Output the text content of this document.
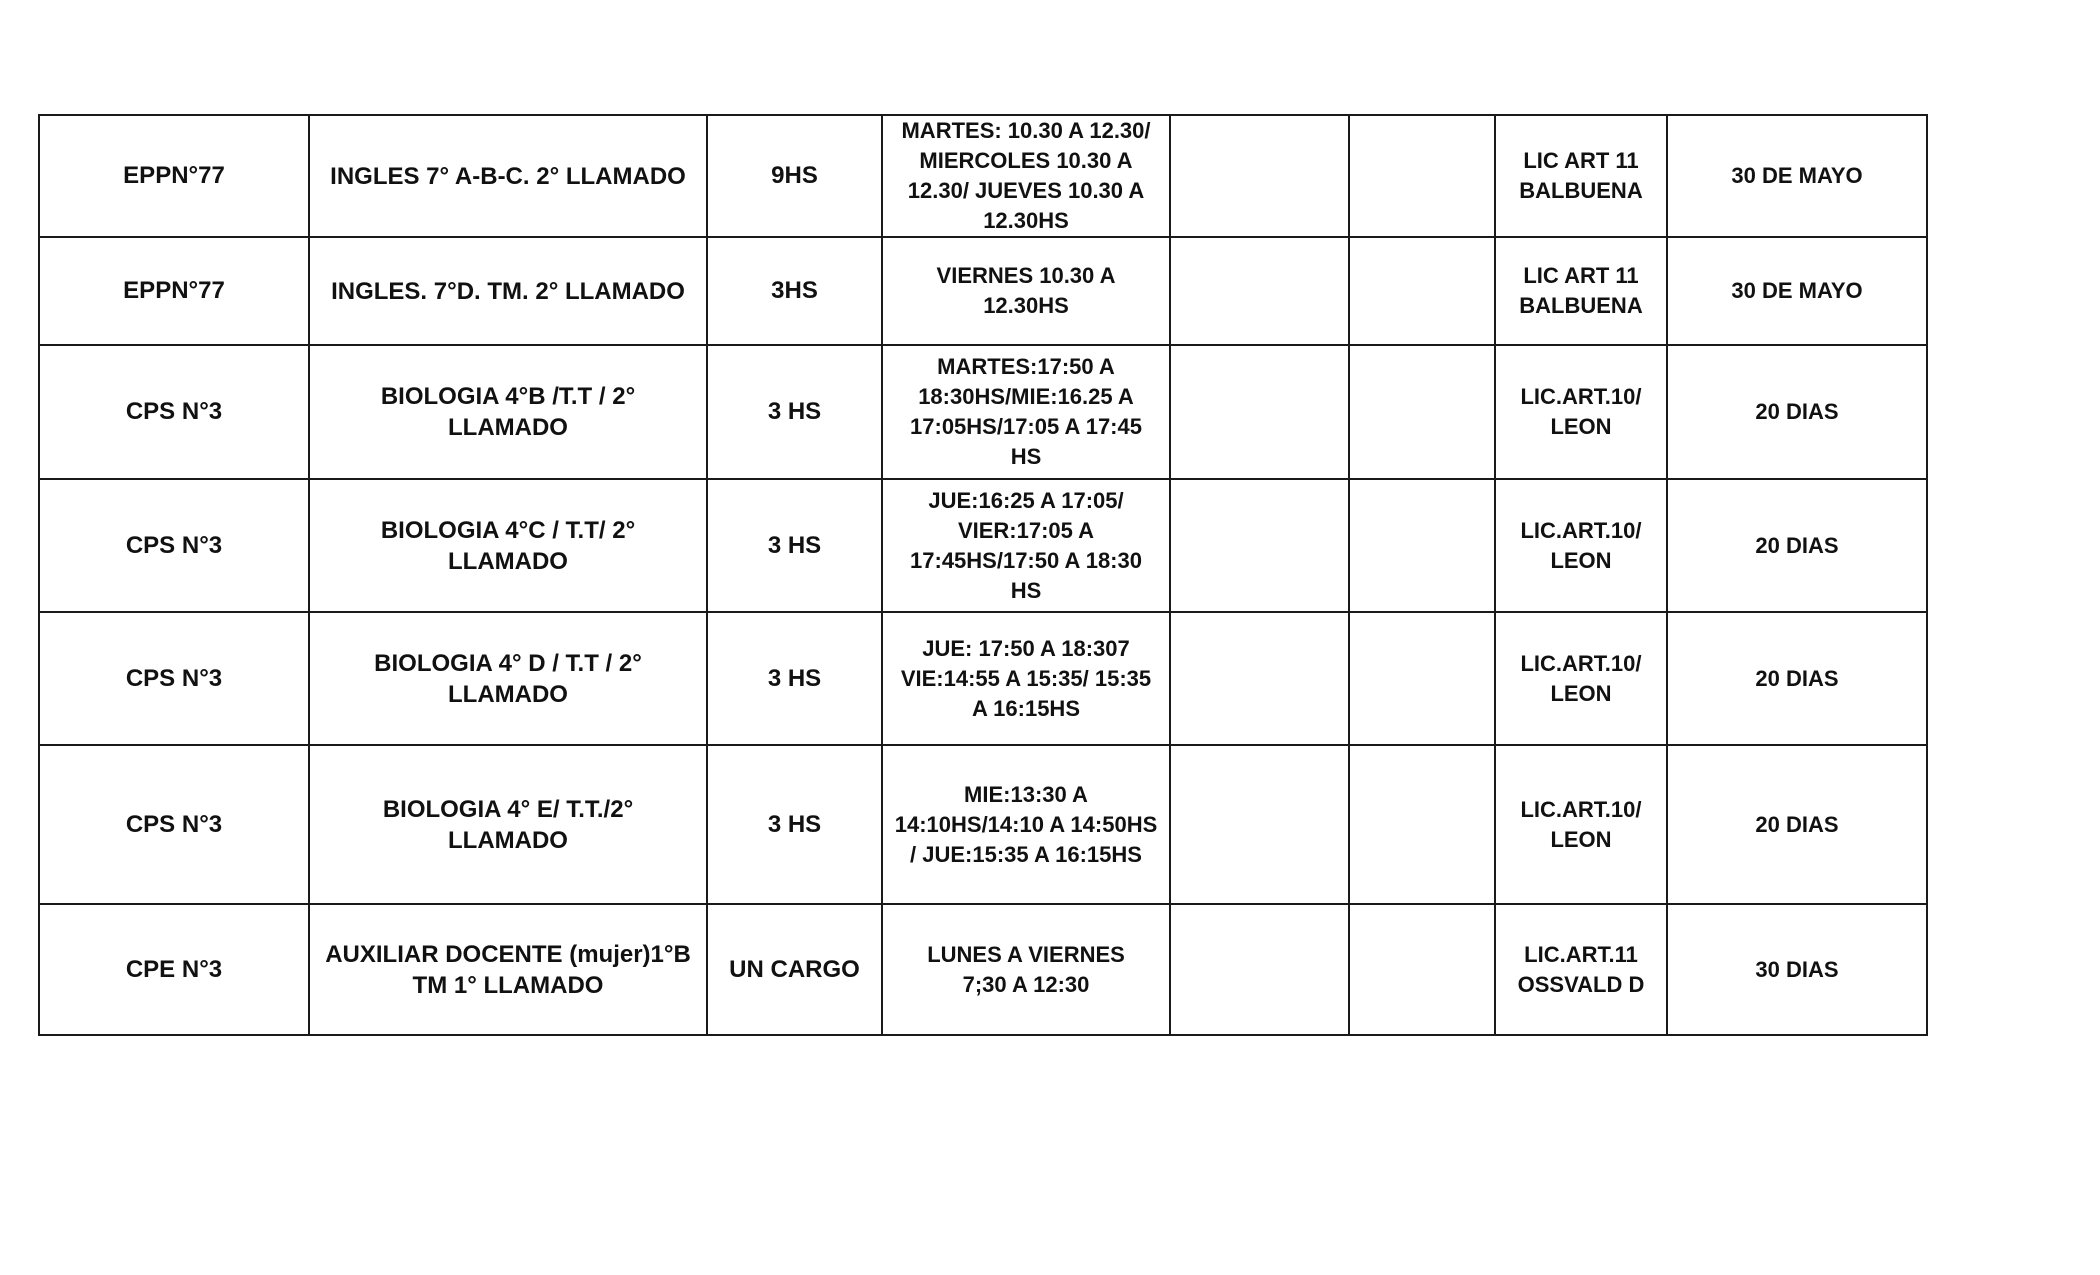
EPPN°77	INGLES 7° A-B-C. 2° LLAMADO	9HS	MARTES: 10.30 A 12.30/
MIERCOLES 10.30 A
12.30/ JUEVES 10.30 A
12.30HS			LIC ART 11
BALBUENA	30 DE MAYO
EPPN°77	INGLES. 7°D. TM. 2° LLAMADO	3HS	VIERNES 10.30 A
12.30HS			LIC ART 11
BALBUENA	30 DE MAYO
CPS N°3	BIOLOGIA 4°B /T.T / 2°
LLAMADO	3 HS	MARTES:17:50 A
18:30HS/MIE:16.25 A
17:05HS/17:05 A 17:45
HS			LIC.ART.10/
LEON	20 DIAS
CPS N°3	BIOLOGIA 4°C / T.T/ 2°
LLAMADO	3 HS	JUE:16:25 A 17:05/
VIER:17:05 A
17:45HS/17:50 A 18:30
HS			LIC.ART.10/
LEON	20 DIAS
CPS N°3	BIOLOGIA 4° D / T.T / 2°
LLAMADO	3 HS	JUE: 17:50 A 18:307
VIE:14:55 A 15:35/ 15:35
A 16:15HS			LIC.ART.10/
LEON	20 DIAS
CPS N°3	BIOLOGIA 4° E/ T.T./2°
LLAMADO	3 HS	MIE:13:30 A
14:10HS/14:10 A 14:50HS
/ JUE:15:35 A 16:15HS			LIC.ART.10/
LEON	20 DIAS
CPE N°3	AUXILIAR DOCENTE (mujer)1°B
TM 1° LLAMADO	UN CARGO	LUNES A VIERNES
7;30 A 12:30			LIC.ART.11
OSSVALD D	30 DIAS
